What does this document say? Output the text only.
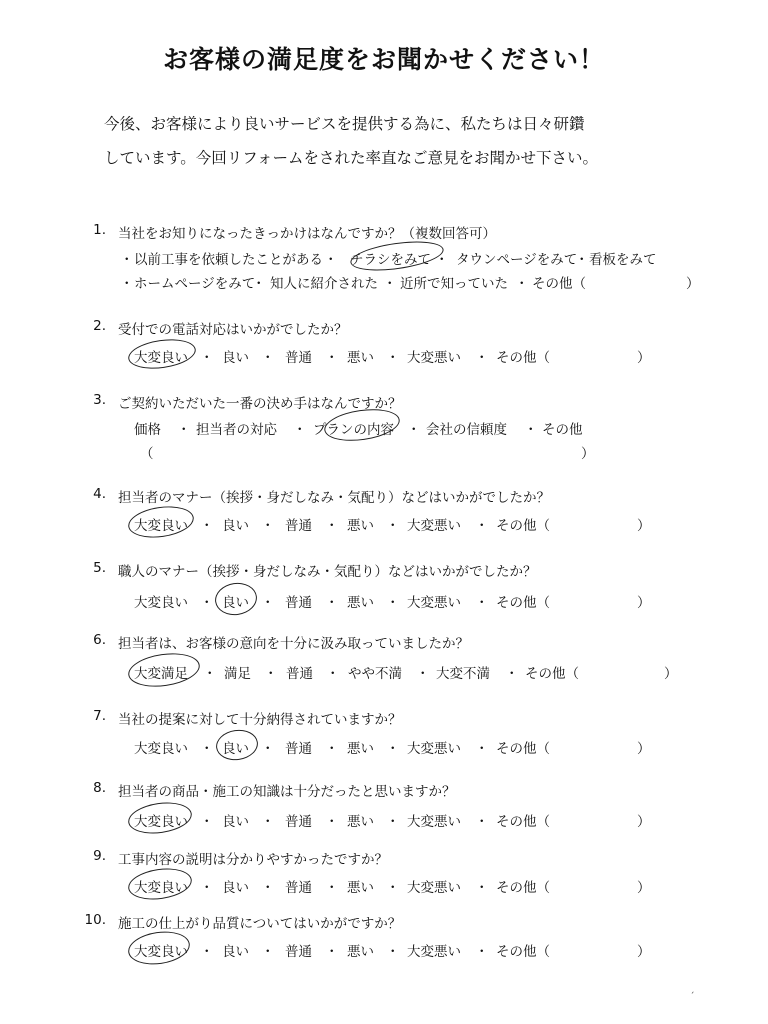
お客様の満足度をお聞かせください！
今後、お客様により良いサービスを提供する為に、私たちは日々研鑽
しています。今回リフォームをされた率直なご意見をお聞かせ下さい。
1. 当社をお知りになったきっかけはなんですか？（複数回答可）
・ 以前工事を依頼したことがある ・ チラシをみて ・ タウンページをみて
・ 看板をみて
・ ホームページをみて
・ 知人に紹介された ・ 近所で知っていた ・ その他（	）
2. 受付での電話対応はいかがでしたか？
大変良い ・ 良い ・ 普通 ・ 悪い ・ 大変悪い ・ その他（	）
3. ご契約いただいた一番の決め手はなんですか？
価格 ・ 担当者の対応 ・ プランの内容 ・ 会社の信頼度 ・ その他
（	）
4. 担当者のマナー（挨拶・身だしなみ・気配り）などはいかがでしたか？
大変良い ・ 良い ・ 普通 ・ 悪い ・ 大変悪い ・ その他（	）
5. 職人のマナー（挨拶・身だしなみ・気配り）などはいかがでしたか？
大変良い ・ 良い ・ 普通 ・ 悪い ・ 大変悪い ・ その他（	）
6. 担当者は、お客様の意向を十分に汲み取っていましたか？
大変満足 ・ 満足 ・ 普通 ・ やや不満 ・ 大変不満 ・ その他（	）
7. 当社の提案に対して十分納得されていますか？
大変良い ・ 良い ・ 普通 ・ 悪い ・ 大変悪い ・ その他（	）
8. 担当者の商品・施工の知識は十分だったと思いますか？
大変良い ・ 良い ・ 普通 ・ 悪い ・ 大変悪い ・ その他（	）
9. 工事内容の説明は分かりやすかったですか？
大変良い ・ 良い ・ 普通 ・ 悪い ・ 大変悪い ・ その他（	）
10. 施工の仕上がり品質についてはいかがですか？
大変良い ・ 良い ・ 普通 ・ 悪い ・ 大変悪い ・ その他（	）
´
